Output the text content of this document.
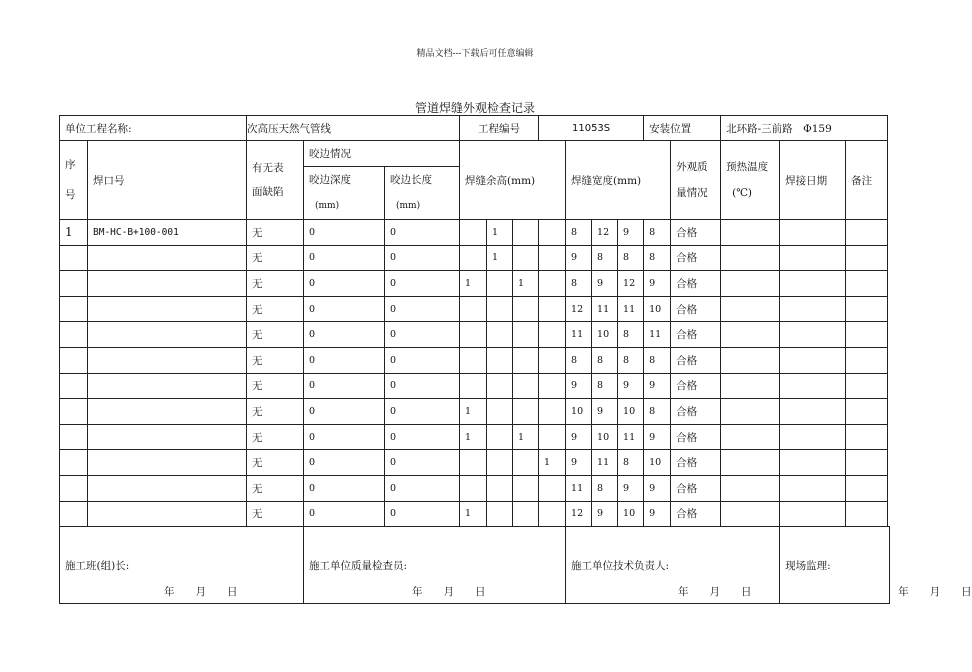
精品文档---下载后可任意编辑
管道焊缝外观检查记录
单位工程名称:		次高压天然气管线			工程编号			11053S				安装位置		北环路-三前路　Φ159		

序
号	焊口号	有无表
面缺陷	咬边情况		焊缝余高(mm)				焊缝宽度(mm)				外观质
量情况	预热温度
(℃)	焊接日期	备注

			咬边深度
(mm)	咬边长度
(mm)												

1	BM-HC-B+100-001	无	0	0		1			8	12	9	8	合格			
		无	0	0		1			9	8	8	8	合格			
		无	0	0	1		1		8	9	12	9	合格			
		无	0	0					12	11	11	10	合格			
		无	0	0					11	10	8	11	合格			
		无	0	0					8	8	8	8	合格			
		无	0	0					9	8	9	9	合格			
		无	0	0	1				10	9	10	8	合格			
		无	0	0	1		1		9	10	11	9	合格			
		无	0	0				1	9	11	8	10	合格			
		无	0	0					11	8	9	9	合格			
		无	0	0	1				12	9	10	9	合格			
施工班(组)长:
年　　月　　日			施工单位质量检查员:
年　　月　　日						施工单位技术负责人:
年　　月　　日						现场监理:
年　　月　　日	
